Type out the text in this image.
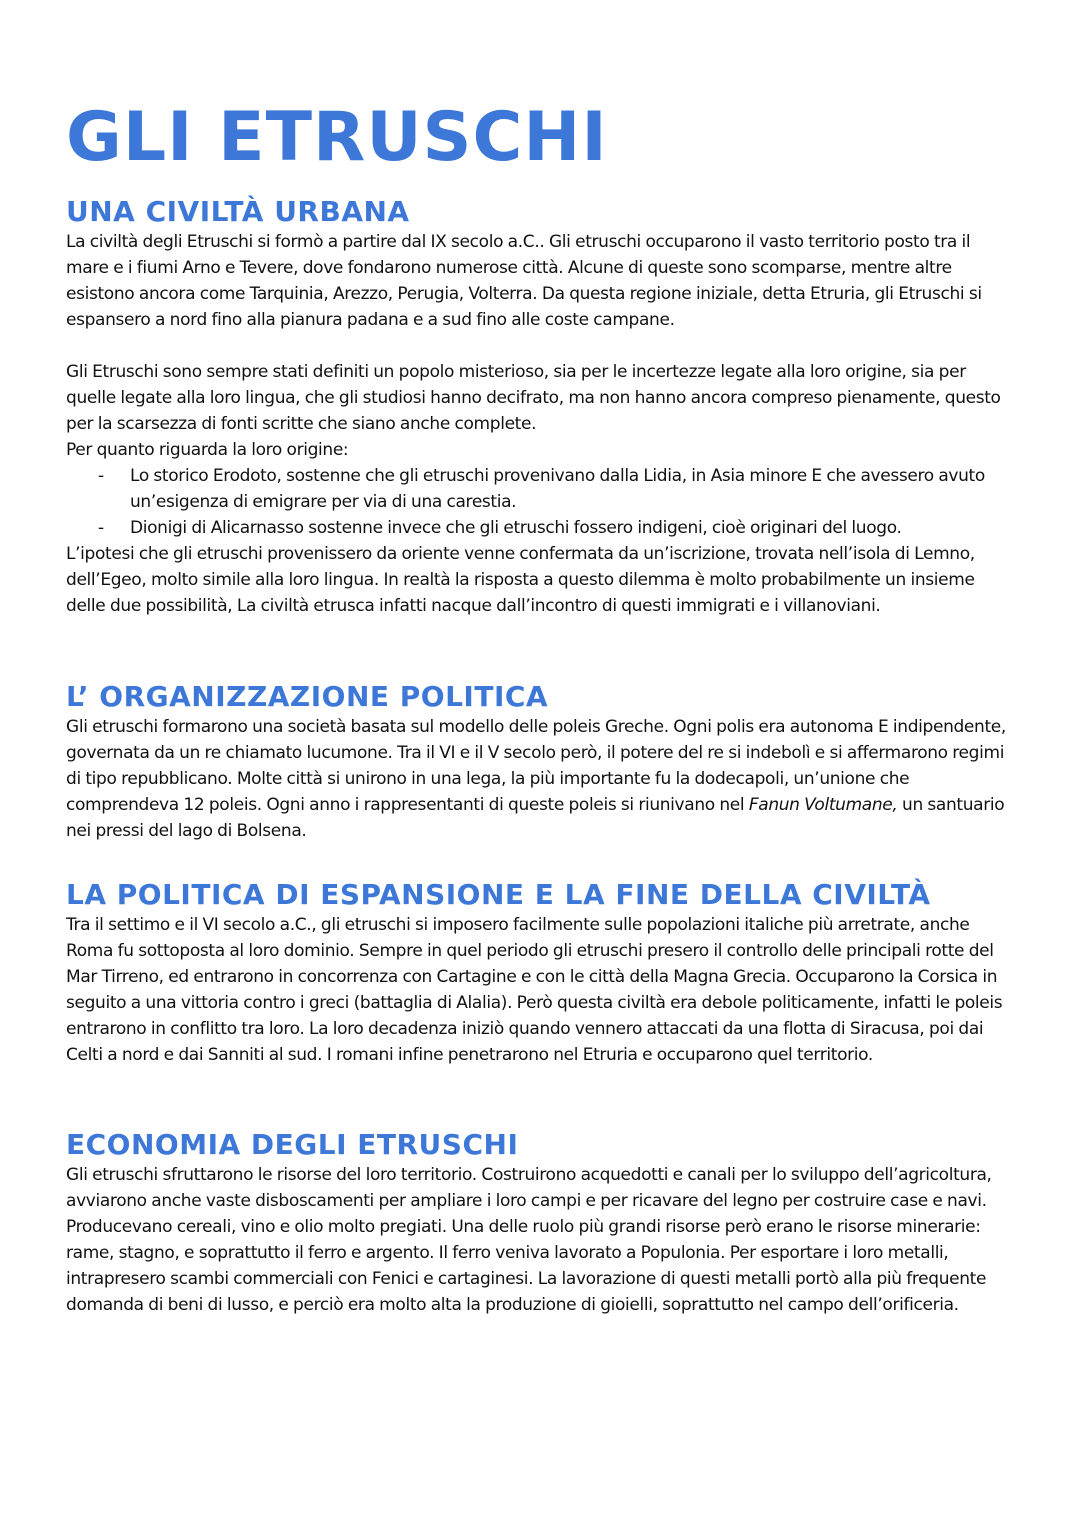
GLI ETRUSCHI
UNA CIVILTÀ URBANA

La civiltà degli Etruschi si formò a partire dal IX secolo a.C.. Gli etruschi occuparono il vasto territorio posto tra il mare e i fiumi Arno e Tevere, dove fondarono numerose città. Alcune di queste sono scomparse, mentre altre esistono ancora come Tarquinia, Arezzo, Perugia, Volterra. Da questa regione iniziale, detta Etruria, gli Etruschi si espansero a nord fino alla pianura padana e a sud fino alle coste campane.

Gli Etruschi sono sempre stati definiti un popolo misterioso, sia per le incertezze legate alla loro origine, sia per quelle legate alla loro lingua, che gli studiosi hanno decifrato, ma non hanno ancora compreso pienamente, questo per la scarsezza di fonti scritte che siano anche complete.

Per quanto riguarda la loro origine:

- Lo storico Erodoto, sostenne che gli etruschi provenivano dalla Lidia, in Asia minore E che avessero avuto un’esigenza di emigrare per via di una carestia.
- Dionigi di Alicarnasso sostenne invece che gli etruschi fossero indigeni, cioè originari del luogo.

L’ipotesi che gli etruschi provenissero da oriente venne confermata da un’iscrizione, trovata nell’isola di Lemno, dell’Egeo, molto simile alla loro lingua. In realtà la risposta a questo dilemma è molto probabilmente un insieme delle due possibilità, La civiltà etrusca infatti nacque dall’incontro di questi immigrati e i villanoviani.

L’ ORGANIZZAZIONE POLITICA

Gli etruschi formarono una società basata sul modello delle poleis Greche. Ogni polis era autonoma E indipendente, governata da un re chiamato lucumone. Tra il VI e il V secolo però, il potere del re si indebolì e si affermarono regimi di tipo repubblicano. Molte città si unirono in una lega, la più importante fu la dodecapoli, un’unione che comprendeva 12 poleis. Ogni anno i rappresentanti di queste poleis si riunivano nel Fanun Voltumane, un santuario nei pressi del lago di Bolsena.

LA POLITICA DI ESPANSIONE E LA FINE DELLA CIVILTÀ

Tra il settimo e il VI secolo a.C., gli etruschi si imposero facilmente sulle popolazioni italiche più arretrate, anche Roma fu sottoposta al loro dominio. Sempre in quel periodo gli etruschi presero il controllo delle principali rotte del Mar Tirreno, ed entrarono in concorrenza con Cartagine e con le città della Magna Grecia. Occuparono la Corsica in seguito a una vittoria contro i greci (battaglia di Alalia). Però questa civiltà era debole politicamente, infatti le poleis entrarono in conflitto tra loro. La loro decadenza iniziò quando vennero attaccati da una flotta di Siracusa, poi dai Celti a nord e dai Sanniti al sud. I romani infine penetrarono nel Etruria e occuparono quel territorio.

ECONOMIA DEGLI ETRUSCHI

Gli etruschi sfruttarono le risorse del loro territorio. Costruirono acquedotti e canali per lo sviluppo dell’agricoltura, avviarono anche vaste disboscamenti per ampliare i loro campi e per ricavare del legno per costruire case e navi. Producevano cereali, vino e olio molto pregiati. Una delle ruolo più grandi risorse però erano le risorse minerarie: rame, stagno, e soprattutto il ferro e argento. Il ferro veniva lavorato a Populonia. Per esportare i loro metalli, intrapresero scambi commerciali con Fenici e cartaginesi. La lavorazione di questi metalli portò alla più frequente domanda di beni di lusso, e perciò era molto alta la produzione di gioielli, soprattutto nel campo dell’orificeria.
